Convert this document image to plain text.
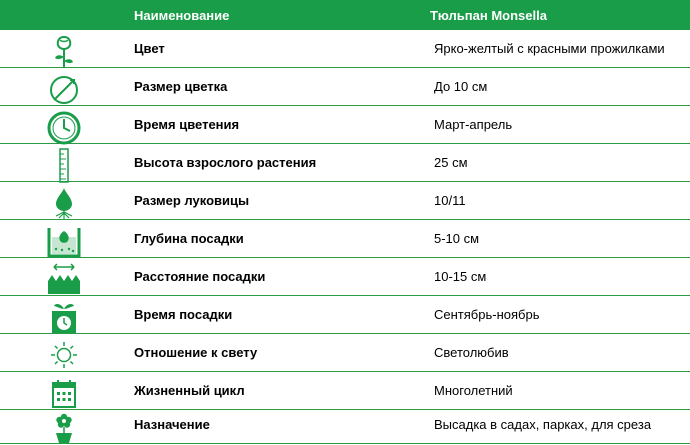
Наименование	Тюльпан Monsella
Цвет	Ярко-желтый с красными прожилками
Размер цветка	До 10 см
Время цветения	Март-апрель
Высота взрослого растения	25 см
Размер луковицы	10/11
Глубина посадки	5-10 см
Расстояние посадки	10-15 см
Время посадки	Сентябрь-ноябрь
Отношение к свету	Светолюбив
Жизненный цикл	Многолетний
Назначение	Высадка в садах, парках, для среза
